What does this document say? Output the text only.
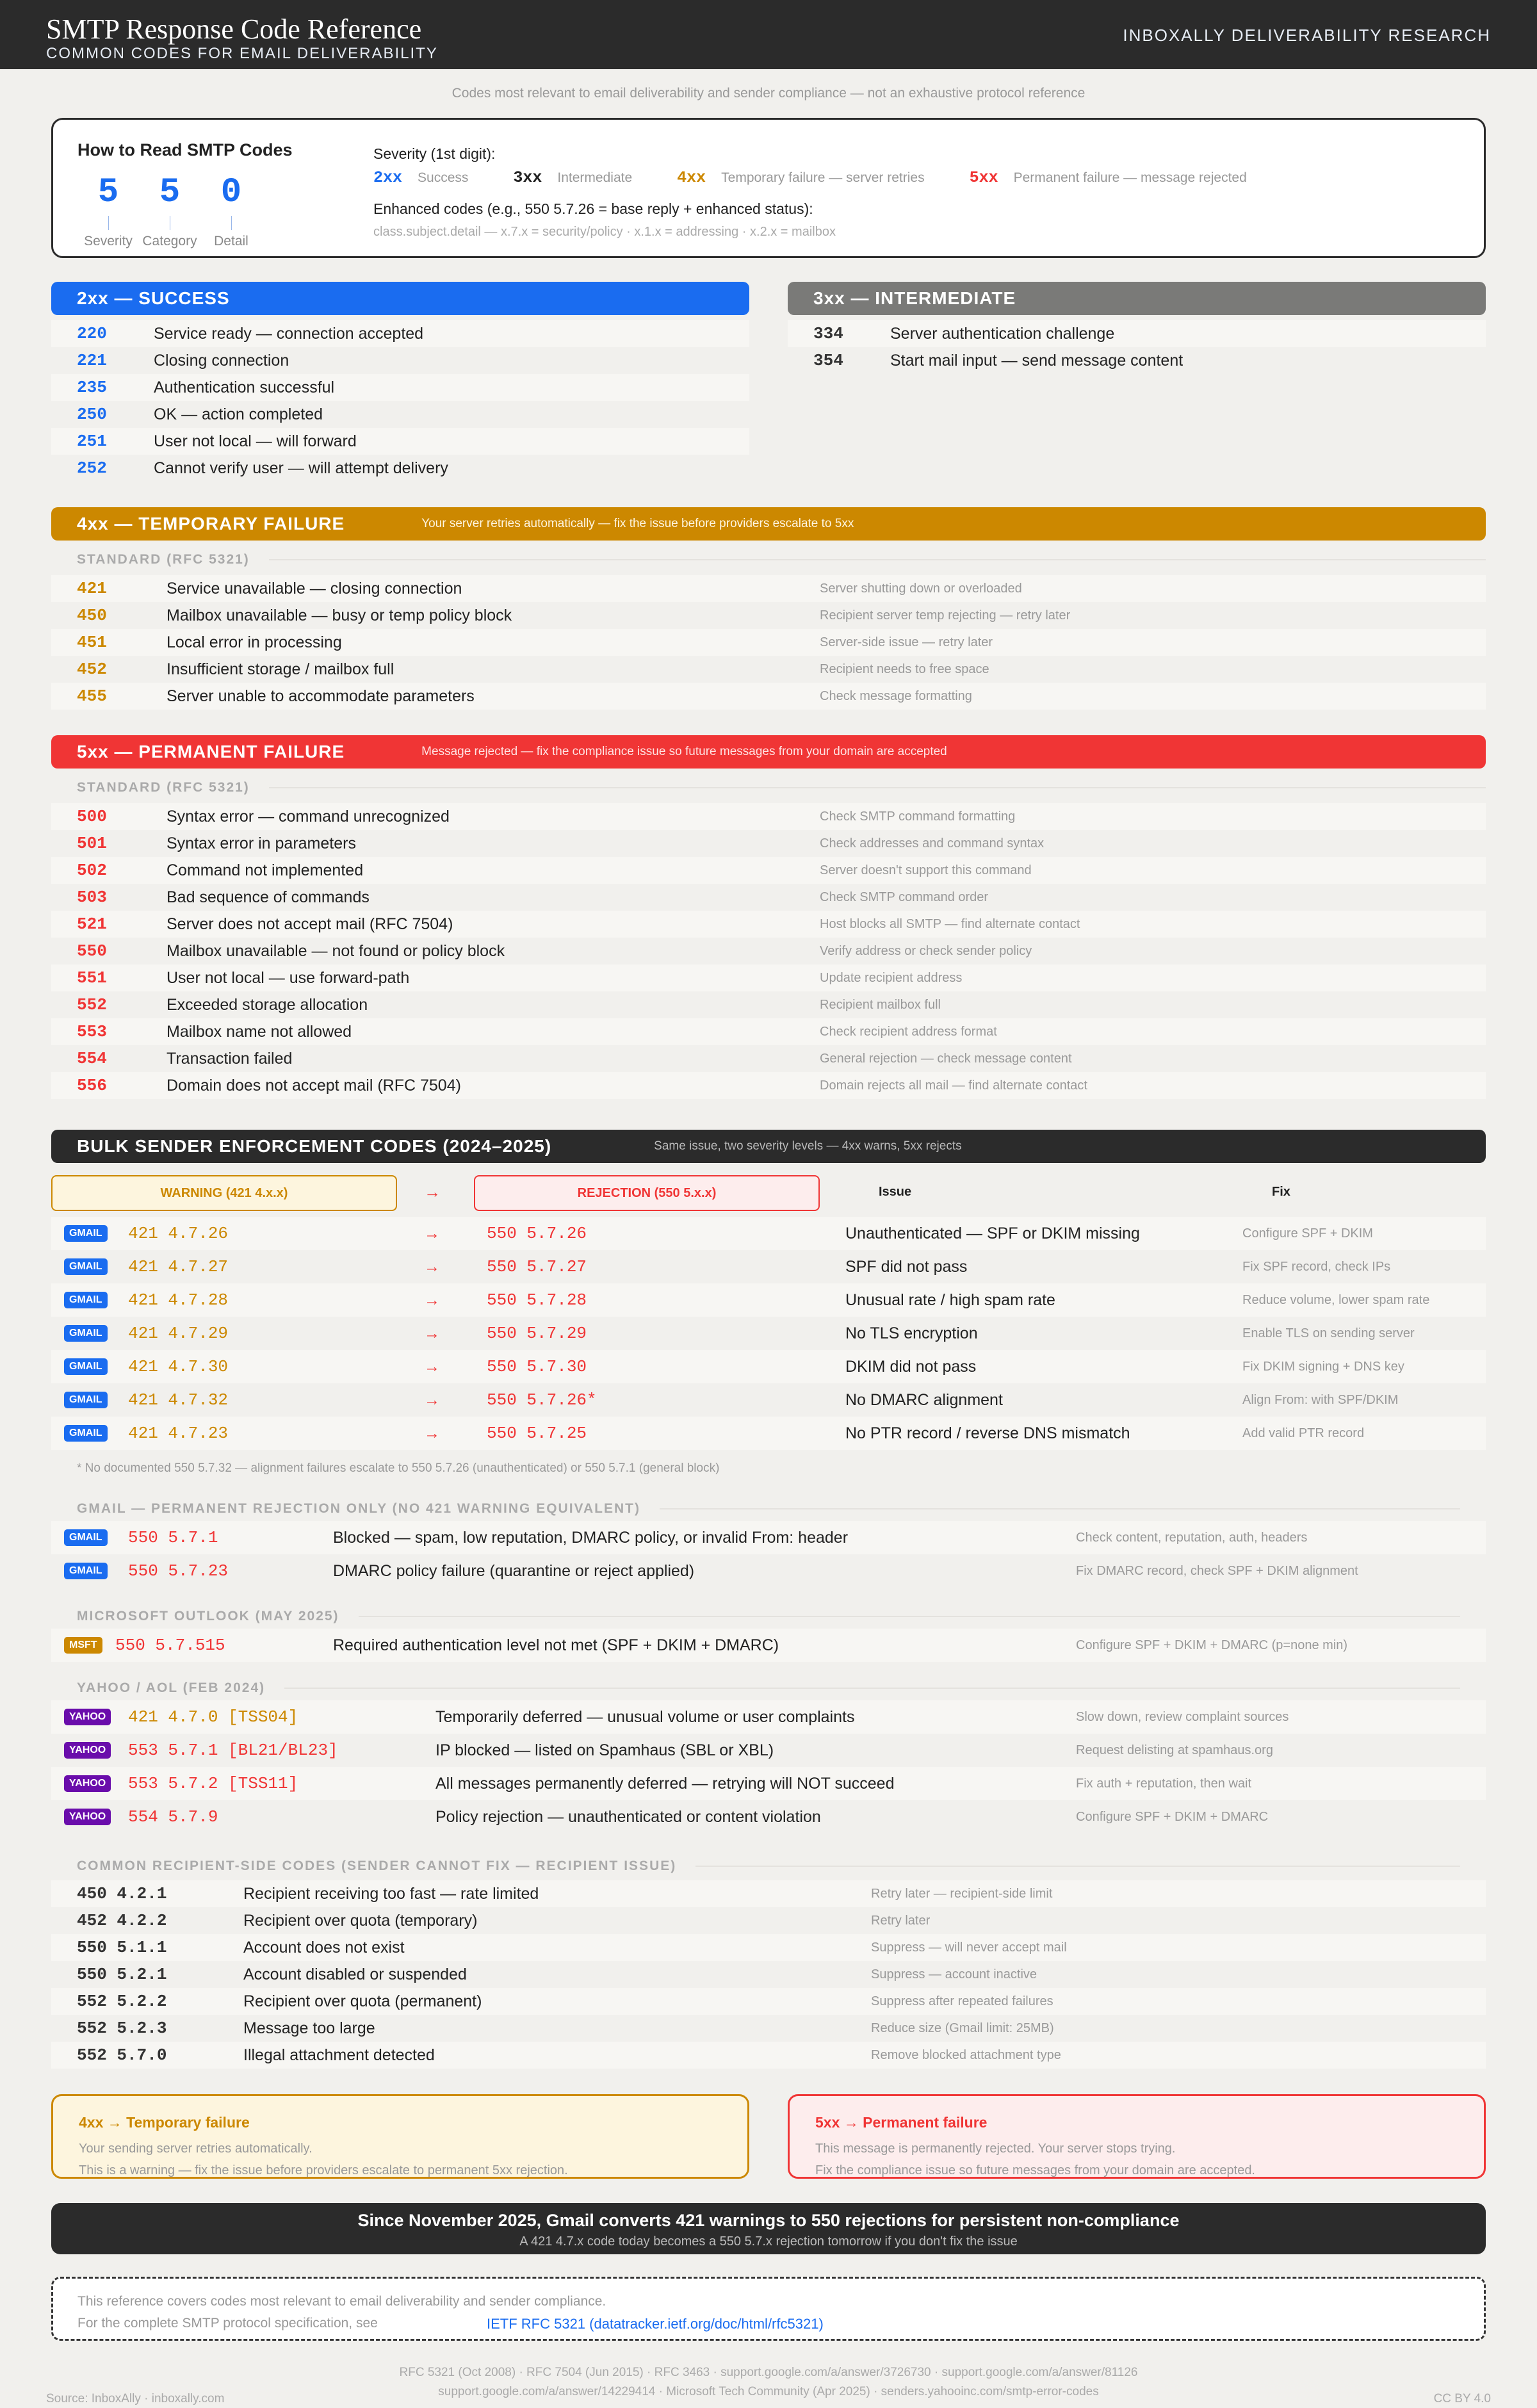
SMTP Response Code Reference
COMMON CODES FOR EMAIL DELIVERABILITY
INBOXALLY DELIVERABILITY RESEARCH
Codes most relevant to email deliverability and sender compliance — not an exhaustive protocol reference
How to Read SMTP Codes
5
Severity
5
Category
0
Detail
Severity (1st digit):
2xx Success	3xx Intermediate	4xx Temporary failure — server retries	5xx Permanent failure — message rejected
Enhanced codes (e.g., 550 5.7.26 = base reply + enhanced status):
class.subject.detail — x.7.x = security/policy · x.1.x = addressing · x.2.x = mailbox
2xx — SUCCESS
220	Service ready — connection accepted
221	Closing connection
235	Authentication successful
250	OK — action completed
251	User not local — will forward
252	Cannot verify user — will attempt delivery
3xx — INTERMEDIATE
334	Server authentication challenge
354	Start mail input — send message content
4xx — TEMPORARY FAILURE	Your server retries automatically — fix the issue before providers escalate to 5xx
STANDARD (RFC 5321)
421	Service unavailable — closing connection	Server shutting down or overloaded
450	Mailbox unavailable — busy or temp policy block	Recipient server temp rejecting — retry later
451	Local error in processing	Server-side issue — retry later
452	Insufficient storage / mailbox full	Recipient needs to free space
455	Server unable to accommodate parameters	Check message formatting
5xx — PERMANENT FAILURE	Message rejected — fix the compliance issue so future messages from your domain are accepted
STANDARD (RFC 5321)
500	Syntax error — command unrecognized	Check SMTP command formatting
501	Syntax error in parameters	Check addresses and command syntax
502	Command not implemented	Server doesn't support this command
503	Bad sequence of commands	Check SMTP command order
521	Server does not accept mail (RFC 7504)	Host blocks all SMTP — find alternate contact
550	Mailbox unavailable — not found or policy block	Verify address or check sender policy
551	User not local — use forward-path	Update recipient address
552	Exceeded storage allocation	Recipient mailbox full
553	Mailbox name not allowed	Check recipient address format
554	Transaction failed	General rejection — check message content
556	Domain does not accept mail (RFC 7504)	Domain rejects all mail — find alternate contact
BULK SENDER ENFORCEMENT CODES (2024–2025)	Same issue, two severity levels — 4xx warns, 5xx rejects
WARNING (421 4.x.x)	→	REJECTION (550 5.x.x)	Issue	Fix
GMAIL	421 4.7.26	→	550 5.7.26	Unauthenticated — SPF or DKIM missing	Configure SPF + DKIM
GMAIL	421 4.7.27	→	550 5.7.27	SPF did not pass	Fix SPF record, check IPs
GMAIL	421 4.7.28	→	550 5.7.28	Unusual rate / high spam rate	Reduce volume, lower spam rate
GMAIL	421 4.7.29	→	550 5.7.29	No TLS encryption	Enable TLS on sending server
GMAIL	421 4.7.30	→	550 5.7.30	DKIM did not pass	Fix DKIM signing + DNS key
GMAIL	421 4.7.32	→	550 5.7.26*	No DMARC alignment	Align From: with SPF/DKIM
GMAIL	421 4.7.23	→	550 5.7.25	No PTR record / reverse DNS mismatch	Add valid PTR record
* No documented 550 5.7.32 — alignment failures escalate to 550 5.7.26 (unauthenticated) or 550 5.7.1 (general block)
GMAIL — PERMANENT REJECTION ONLY (NO 421 WARNING EQUIVALENT)
GMAIL	550 5.7.1	Blocked — spam, low reputation, DMARC policy, or invalid From: header	Check content, reputation, auth, headers
GMAIL	550 5.7.23	DMARC policy failure (quarantine or reject applied)	Fix DMARC record, check SPF + DKIM alignment
MICROSOFT OUTLOOK (MAY 2025)
MSFT	550 5.7.515	Required authentication level not met (SPF + DKIM + DMARC)	Configure SPF + DKIM + DMARC (p=none min)
YAHOO / AOL (FEB 2024)
YAHOO	421 4.7.0 [TSS04]	Temporarily deferred — unusual volume or user complaints	Slow down, review complaint sources
YAHOO	553 5.7.1 [BL21/BL23]	IP blocked — listed on Spamhaus (SBL or XBL)	Request delisting at spamhaus.org
YAHOO	553 5.7.2 [TSS11]	All messages permanently deferred — retrying will NOT succeed	Fix auth + reputation, then wait
YAHOO	554 5.7.9	Policy rejection — unauthenticated or content violation	Configure SPF + DKIM + DMARC
COMMON RECIPIENT-SIDE CODES (SENDER CANNOT FIX — RECIPIENT ISSUE)
450 4.2.1	Recipient receiving too fast — rate limited	Retry later — recipient-side limit
452 4.2.2	Recipient over quota (temporary)	Retry later
550 5.1.1	Account does not exist	Suppress — will never accept mail
550 5.2.1	Account disabled or suspended	Suppress — account inactive
552 5.2.2	Recipient over quota (permanent)	Suppress after repeated failures
552 5.2.3	Message too large	Reduce size (Gmail limit: 25MB)
552 5.7.0	Illegal attachment detected	Remove blocked attachment type
4xx → Temporary failure
Your sending server retries automatically.
This is a warning — fix the issue before providers escalate to permanent 5xx rejection.
5xx → Permanent failure
This message is permanently rejected. Your server stops trying.
Fix the compliance issue so future messages from your domain are accepted.
Since November 2025, Gmail converts 421 warnings to 550 rejections for persistent non-compliance
A 421 4.7.x code today becomes a 550 5.7.x rejection tomorrow if you don't fix the issue
This reference covers codes most relevant to email deliverability and sender compliance.
For the complete SMTP protocol specification, see	IETF RFC 5321 (datatracker.ietf.org/doc/html/rfc5321)
RFC 5321 (Oct 2008) · RFC 7504 (Jun 2015) · RFC 3463 · support.google.com/a/answer/3726730 · support.google.com/a/answer/81126
support.google.com/a/answer/14229414 · Microsoft Tech Community (Apr 2025) · senders.yahooinc.com/smtp-error-codes
Source: InboxAlly · inboxally.com	CC BY 4.0
